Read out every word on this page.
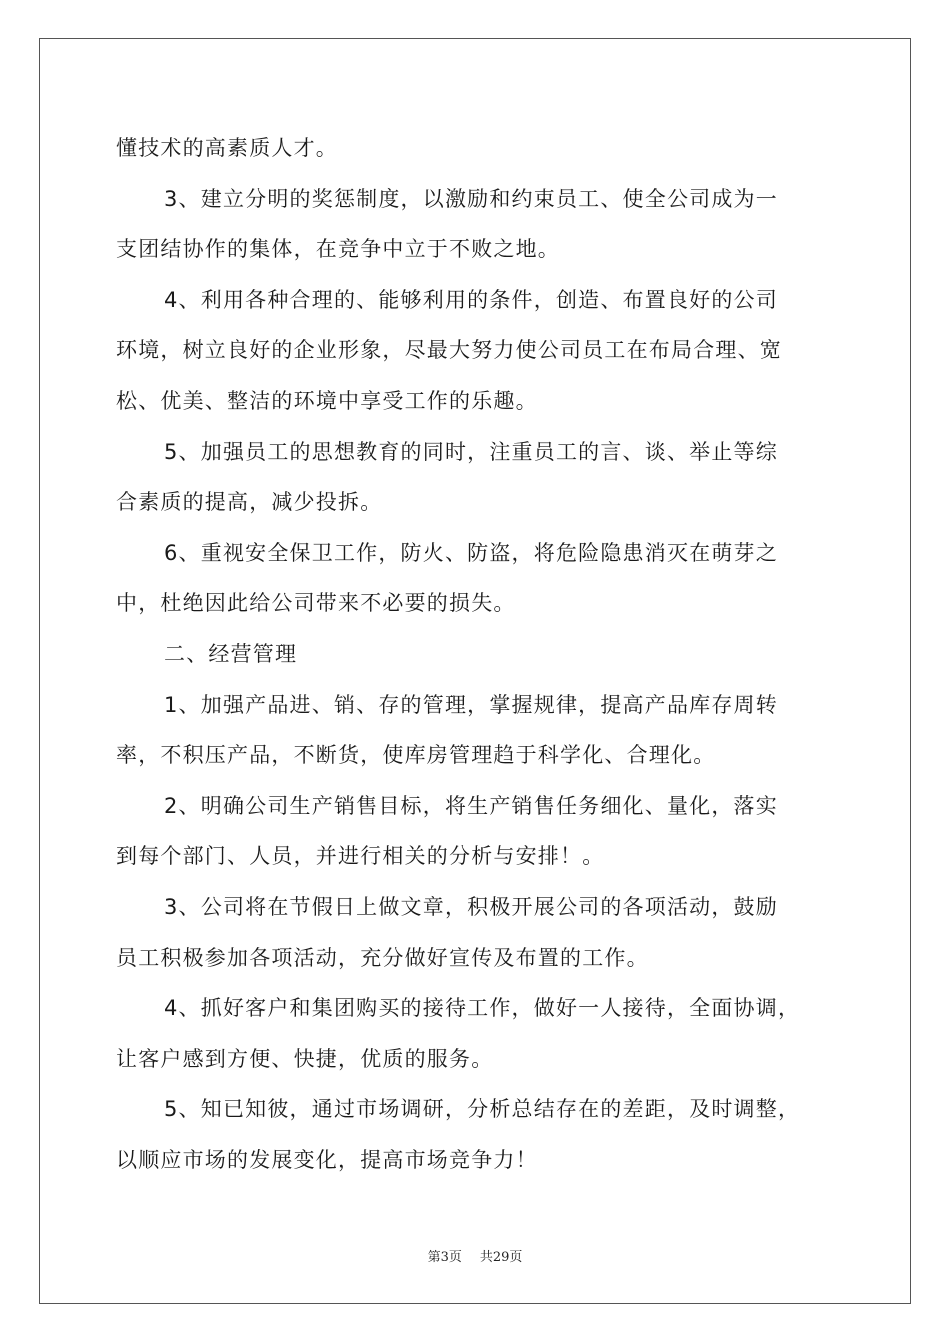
懂技术的高素质人才。
3、建立分明的奖惩制度，以激励和约束员工、使全公司成为一
支团结协作的集体，在竞争中立于不败之地。
4、利用各种合理的、能够利用的条件，创造、布置良好的公司
环境，树立良好的企业形象，尽最大努力使公司员工在布局合理、宽
松、优美、整洁的环境中享受工作的乐趣。
5、加强员工的思想教育的同时，注重员工的言、谈、举止等综
合素质的提高，减少投拆。
6、重视安全保卫工作，防火、防盗，将危险隐患消灭在萌芽之
中，杜绝因此给公司带来不必要的损失。
二、经营管理
1、加强产品进、销、存的管理，掌握规律，提高产品库存周转
率，不积压产品，不断货，使库房管理趋于科学化、合理化。
2、明确公司生产销售目标，将生产销售任务细化、量化，落实
到每个部门、人员，并进行相关的分析与安排！。
3、公司将在节假日上做文章，积极开展公司的各项活动，鼓励
员工积极参加各项活动，充分做好宣传及布置的工作。
4、抓好客户和集团购买的接待工作，做好一人接待，全面协调，
让客户感到方便、快捷，优质的服务。
5、知已知彼，通过市场调研，分析总结存在的差距，及时调整，
以顺应市场的发展变化，提高市场竞争力！
第3页 共29页
